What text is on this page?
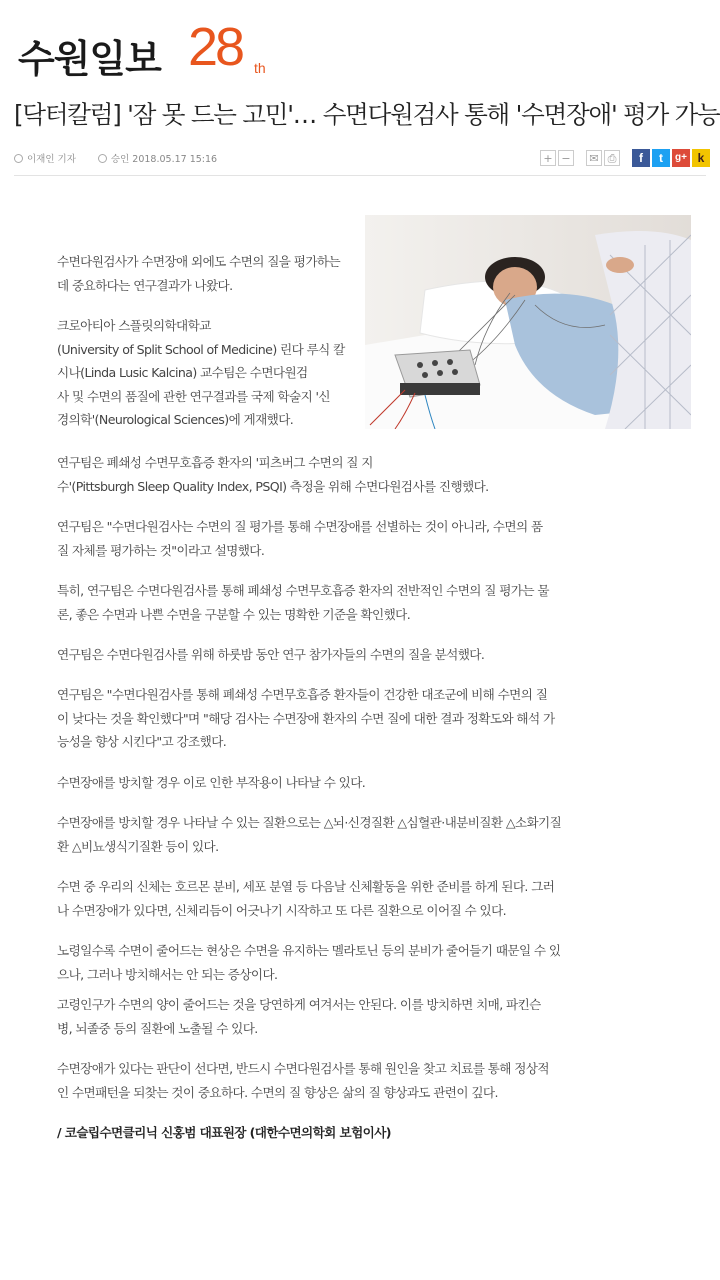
수원일보 28 th
[닥터칼럼] '잠 못 드는 고민'… 수면다원검사 통해 '수면장애' 평가 가능
이재인 기자	승인 2018.05.17 15:16	+ −	✉ ⎙	f	t	g+ k
수면다원검사가 수면장애 외에도 수면의 질을 평가하는
데 중요하다는 연구결과가 나왔다.
크로아티아 스플릿의학대학교
(University of Split School of Medicine) 린다 루식 칼
시나(Linda Lusic Kalcina) 교수팀은 수면다원검
사 및 수면의 품질에 관한 연구결과를 국제 학술지 '신
경의학'(Neurological Sciences)에 게재했다.
연구팀은 폐쇄성 수면무호흡증 환자의 '피츠버그 수면의 질 지
수'(Pittsburgh Sleep Quality Index, PSQI) 측정을 위해 수면다원검사를 진행했다.
연구팀은 "수면다원검사는 수면의 질 평가를 통해 수면장애를 선별하는 것이 아니라, 수면의 품
질 자체를 평가하는 것"이라고 설명했다.
특히, 연구팀은 수면다원검사를 통해 폐쇄성 수면무호흡증 환자의 전반적인 수면의 질 평가는 물
론, 좋은 수면과 나쁜 수면을 구분할 수 있는 명확한 기준을 확인했다.
연구팀은 수면다원검사를 위해 하룻밤 동안 연구 참가자들의 수면의 질을 분석했다.
연구팀은 "수면다원검사를 통해 폐쇄성 수면무호흡증 환자들이 건강한 대조군에 비해 수면의 질
이 낮다는 것을 확인했다"며 "해당 검사는 수면장애 환자의 수면 질에 대한 결과 정확도와 해석 가
능성을 향상 시킨다"고 강조했다.
수면장애를 방치할 경우 이로 인한 부작용이 나타날 수 있다.
수면장애를 방치할 경우 나타날 수 있는 질환으로는 △뇌·신경질환 △심혈관·내분비질환 △소화기질
환 △비뇨생식기질환 등이 있다.
수면 중 우리의 신체는 호르몬 분비, 세포 분열 등 다음날 신체활동을 위한 준비를 하게 된다. 그러
나 수면장애가 있다면, 신체리듬이 어긋나기 시작하고 또 다른 질환으로 이어질 수 있다.
노령일수록 수면이 줄어드는 현상은 수면을 유지하는 멜라토닌 등의 분비가 줄어들기 때문일 수 있
으나, 그러나 방치해서는 안 되는 증상이다.
고령인구가 수면의 양이 줄어드는 것을 당연하게 여겨서는 안된다. 이를 방치하면 치매, 파킨슨
병, 뇌졸중 등의 질환에 노출될 수 있다.
수면장애가 있다는 판단이 선다면, 반드시 수면다원검사를 통해 원인을 찾고 치료를 통해 정상적
인 수면패턴을 되찾는 것이 중요하다. 수면의 질 향상은 삶의 질 향상과도 관련이 깊다.
/ 코슬립수면클리닉 신홍범 대표원장 (대한수면의학회 보험이사)
